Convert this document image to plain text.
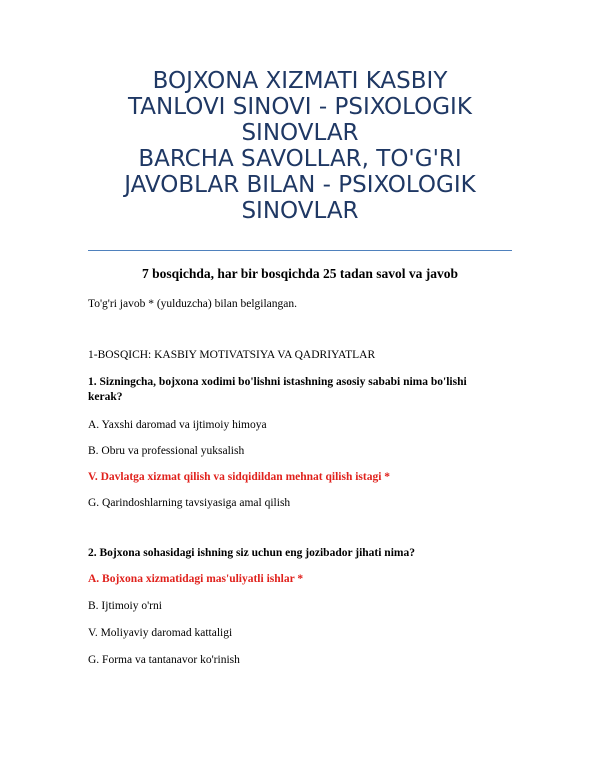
BOJXONA XIZMATI KASBIY
TANLOVI SINOVI - PSIXOLOGIK
SINOVLAR
BARCHA SAVOLLAR, TO'G'RI
JAVOBLAR BILAN - PSIXOLOGIK
SINOVLAR
7 bosqichda, har bir bosqichda 25 tadan savol va javob
To'g'ri javob * (yulduzcha) bilan belgilangan.
1-BOSQICH: KASBIY MOTIVATSIYA VA QADRIYATLAR
1. Sizningcha, bojxona xodimi bo'lishni istashning asosiy sababi nima bo'lishi
kerak?
A. Yaxshi daromad va ijtimoiy himoya
B. Obru va professional yuksalish
V. Davlatga xizmat qilish va sidqidildan mehnat qilish istagi *
G. Qarindoshlarning tavsiyasiga amal qilish
2. Bojxona sohasidagi ishning siz uchun eng jozibador jihati nima?
A. Bojxona xizmatidagi mas'uliyatli ishlar *
B. Ijtimoiy o'rni
V. Moliyaviy daromad kattaligi
G. Forma va tantanavor ko'rinish
